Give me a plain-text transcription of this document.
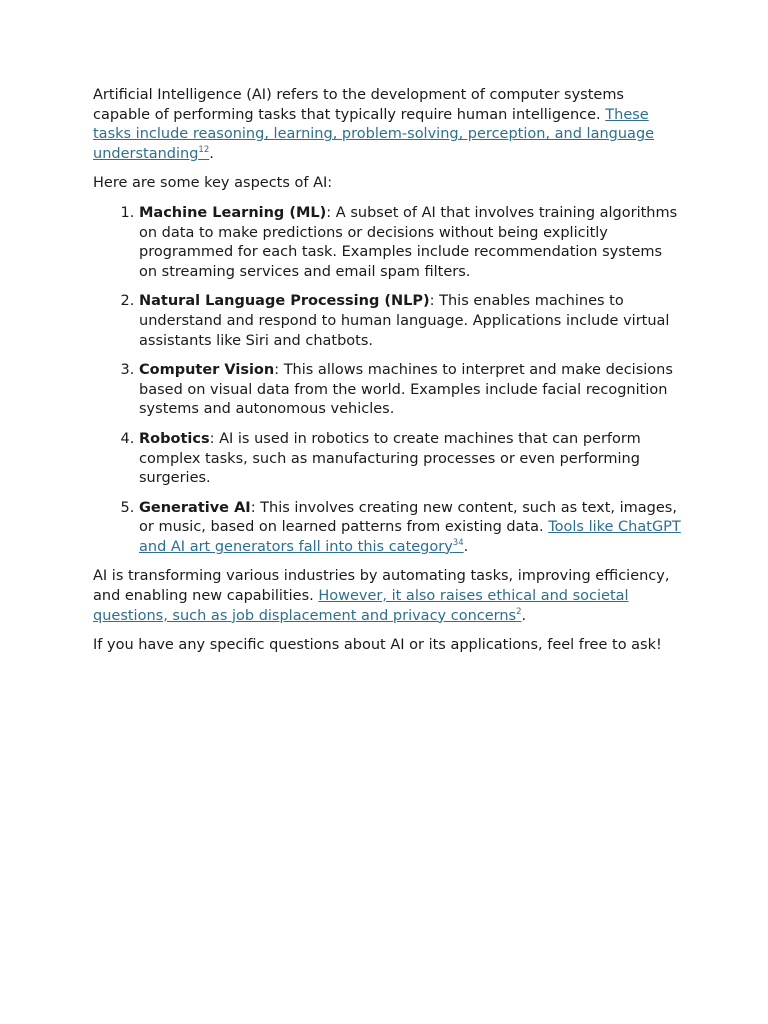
Artificial Intelligence (AI) refers to the development of computer systems capable of performing tasks that typically require human intelligence. These tasks include reasoning, learning, problem-solving, perception, and language understanding$^{12}$.

Here are some key aspects of AI:

1. Machine Learning (ML): A subset of AI that involves training algorithms on data to make predictions or decisions without being explicitly programmed for each task. Examples include recommendation systems on streaming services and email spam filters.
2. Natural Language Processing (NLP): This enables machines to understand and respond to human language. Applications include virtual assistants like Siri and chatbots.
3. Computer Vision: This allows machines to interpret and make decisions based on visual data from the world. Examples include facial recognition systems and autonomous vehicles.
4. Robotics: AI is used in robotics to create machines that can perform complex tasks, such as manufacturing processes or even performing surgeries.
5. Generative AI: This involves creating new content, such as text, images, or music, based on learned patterns from existing data. Tools like ChatGPT and AI art generators fall into this category$^{34}$.

AI is transforming various industries by automating tasks, improving efficiency, and enabling new capabilities. However, it also raises ethical and societal questions, such as job displacement and privacy concerns$^2$.

If you have any specific questions about AI or its applications, feel free to ask!
